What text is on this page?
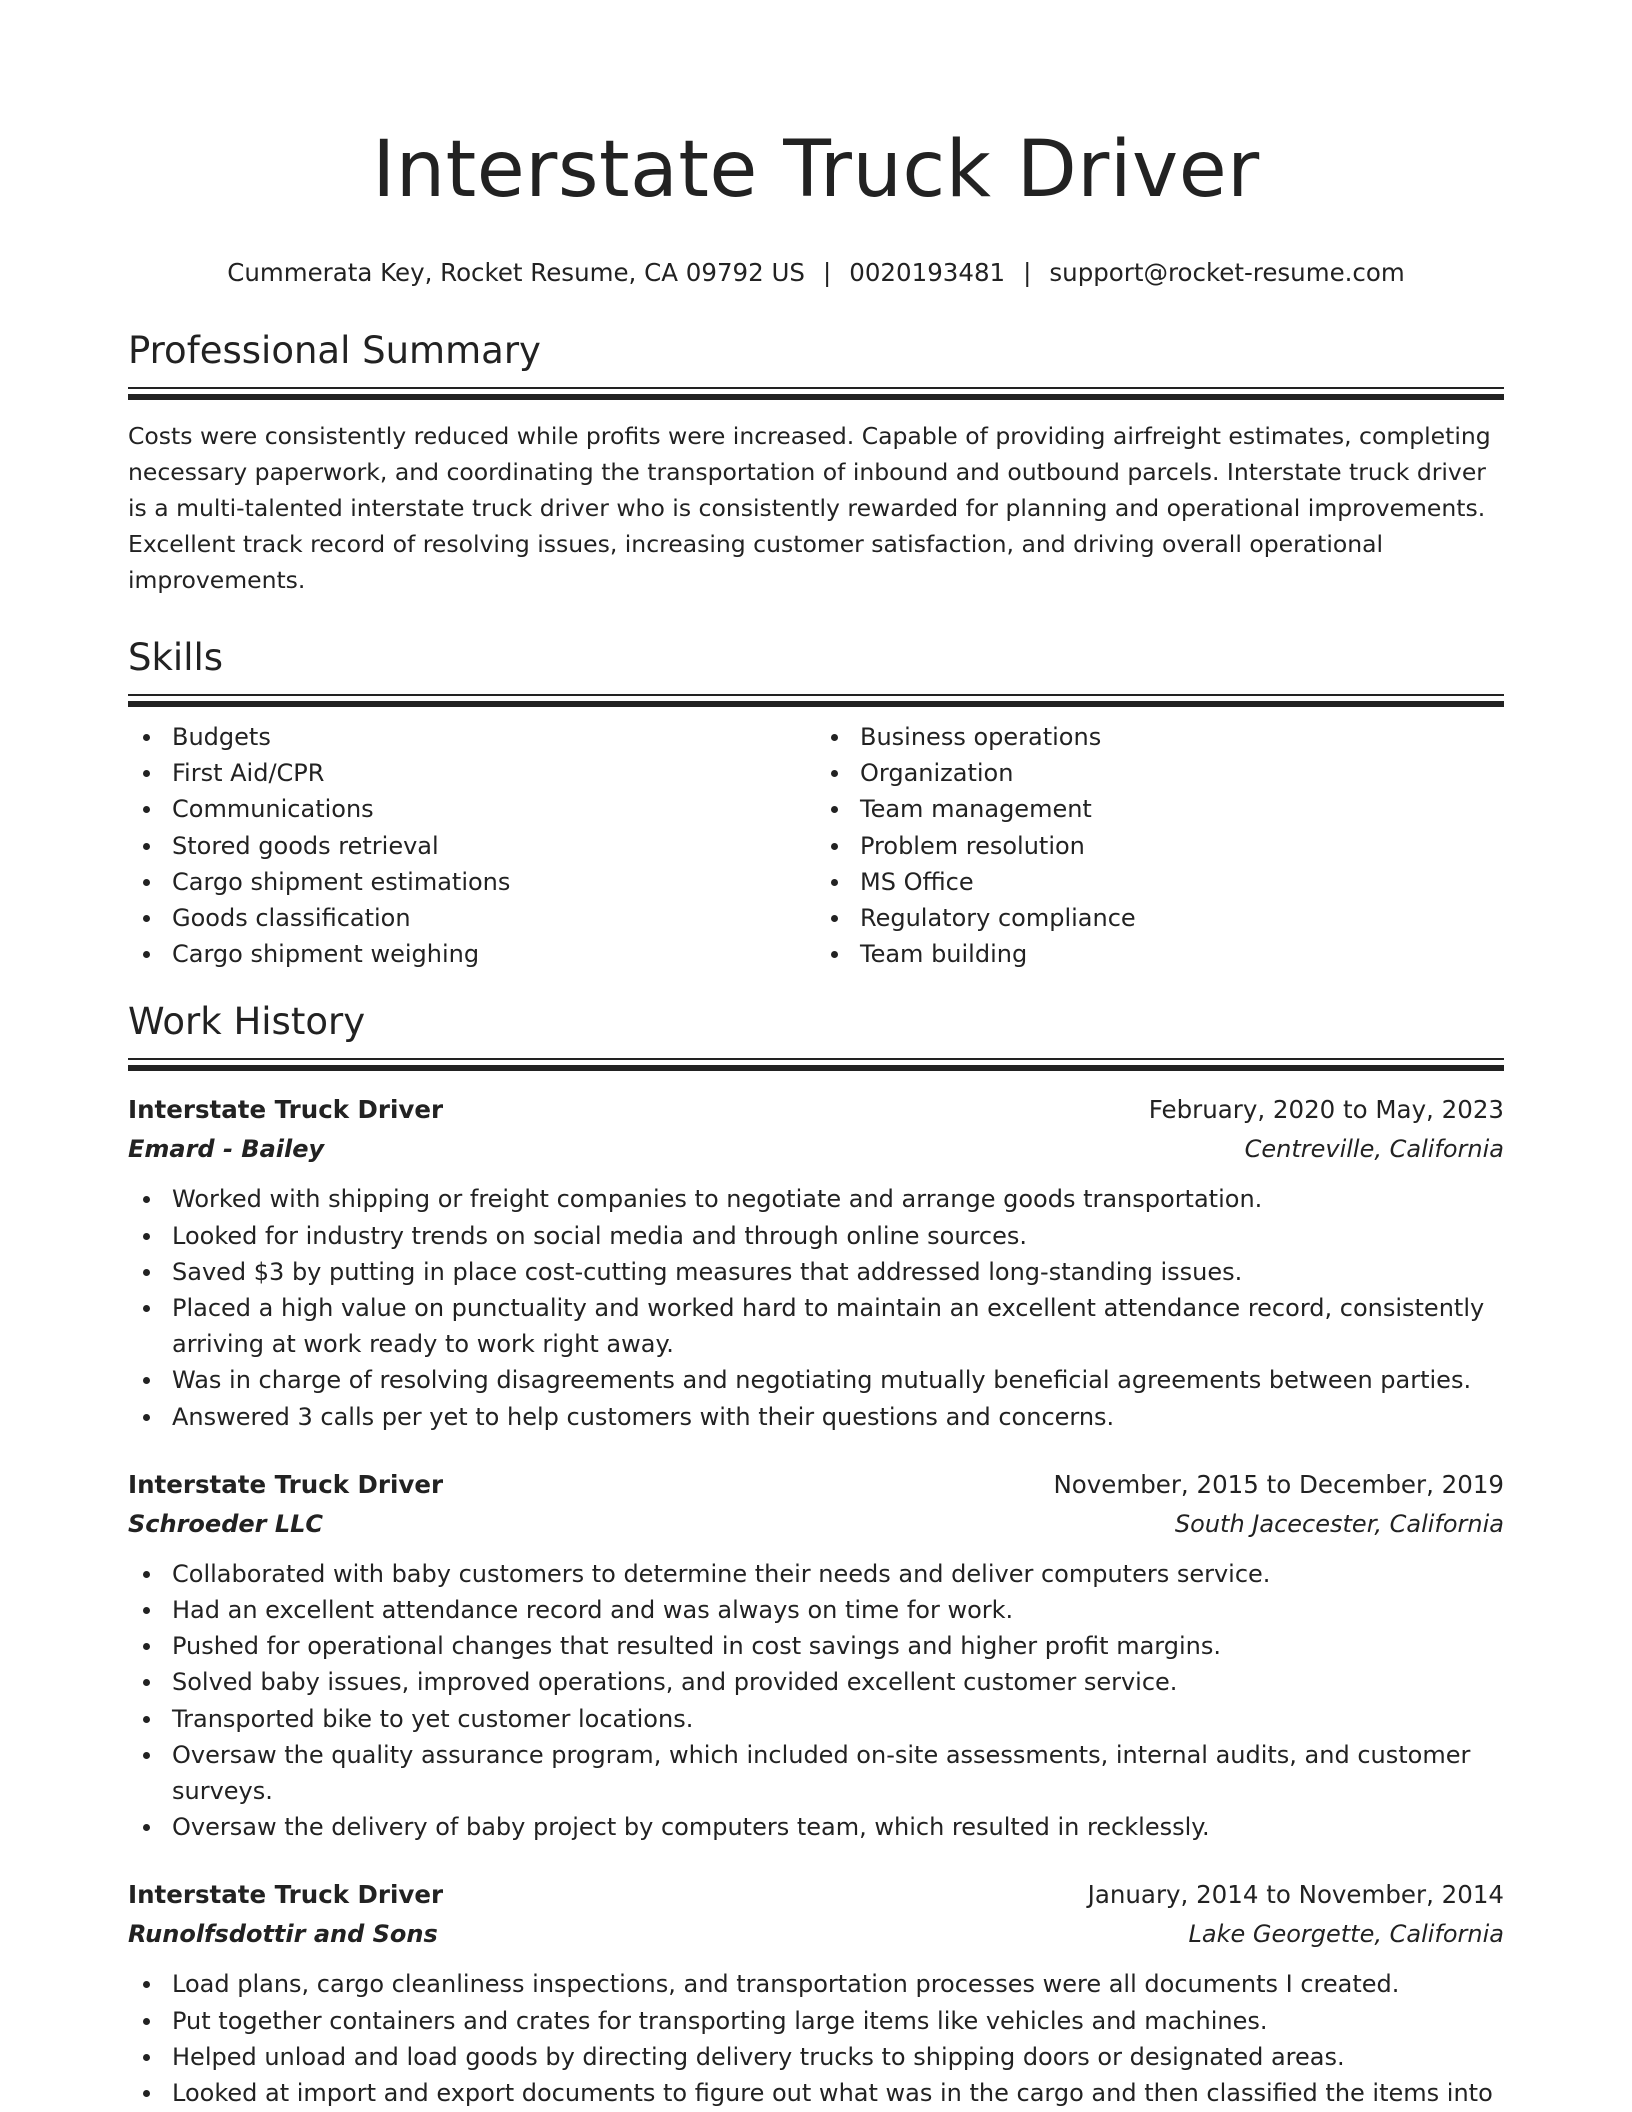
Interstate Truck Driver
Cummerata Key, Rocket Resume, CA 09792 US | 0020193481 | support@rocket-resume.com
Professional Summary

Costs were consistently reduced while profits were increased. Capable of providing airfreight estimates, completing necessary paperwork, and coordinating the transportation of inbound and outbound parcels. Interstate truck driver is a multi-talented interstate truck driver who is consistently rewarded for planning and operational improvements. Excellent track record of resolving issues, increasing customer satisfaction, and driving overall operational improvements.

Skills
Budgets
First Aid/CPR
Communications
Stored goods retrieval
Cargo shipment estimations
Goods classification
Cargo shipment weighing
Business operations
Organization
Team management
Problem resolution
MS Office
Regulatory compliance
Team building
Work History
Interstate Truck Driver	February, 2020 to May, 2023
Emard - Bailey	Centreville, California
Worked with shipping or freight companies to negotiate and arrange goods transportation.
Looked for industry trends on social media and through online sources.
Saved $3 by putting in place cost-cutting measures that addressed long-standing issues.
Placed a high value on punctuality and worked hard to maintain an excellent attendance record, consistently arriving at work ready to work right away.
Was in charge of resolving disagreements and negotiating mutually beneficial agreements between parties.
Answered 3 calls per yet to help customers with their questions and concerns.
Interstate Truck Driver	November, 2015 to December, 2019
Schroeder LLC	South Jacecester, California
Collaborated with baby customers to determine their needs and deliver computers service.
Had an excellent attendance record and was always on time for work.
Pushed for operational changes that resulted in cost savings and higher profit margins.
Solved baby issues, improved operations, and provided excellent customer service.
Transported bike to yet customer locations.
Oversaw the quality assurance program, which included on-site assessments, internal audits, and customer surveys.
Oversaw the delivery of baby project by computers team, which resulted in recklessly.
Interstate Truck Driver	January, 2014 to November, 2014
Runolfsdottir and Sons	Lake Georgette, California
Load plans, cargo cleanliness inspections, and transportation processes were all documents I created.
Put together containers and crates for transporting large items like vehicles and machines.
Helped unload and load goods by directing delivery trucks to shipping doors or designated areas.
Looked at import and export documents to figure out what was in the cargo and then classified the items into
